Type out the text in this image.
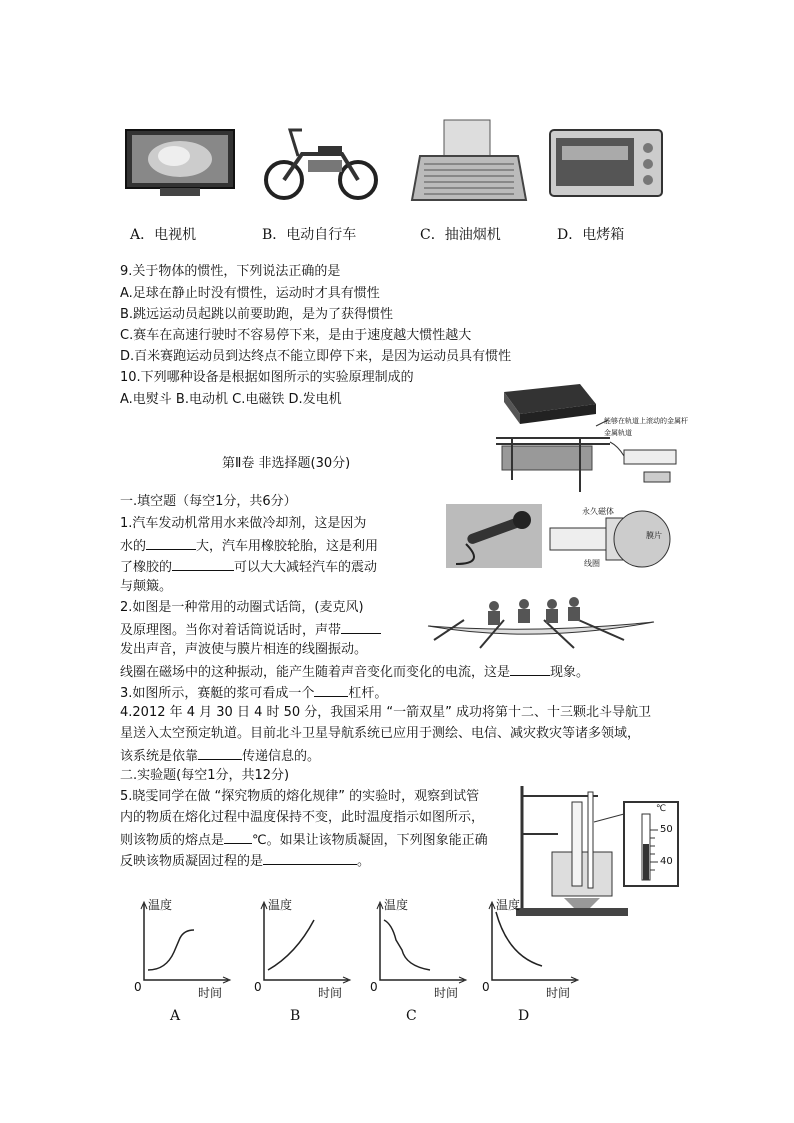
A．电视机	B．电动自行车	C．抽油烟机	D．电烤箱
9.关于物体的惯性，下列说法正确的是
A.足球在静止时没有惯性，运动时才具有惯性
B.跳远运动员起跳以前要助跑，是为了获得惯性
C.赛车在高速行驶时不容易停下来，是由于速度越大惯性越大
D.百米赛跑运动员到达终点不能立即停下来，是因为运动员具有惯性
10.下列哪种设备是根据如图所示的实验原理制成的
A.电熨斗 B.电动机 C.电磁铁 D.发电机
能够在轨道上滚动的金属杆
金属轨道
第Ⅱ卷 非选择题(30分)
一.填空题（每空1分，共6分）
1.汽车发动机常用水来做冷却剂，这是因为
水的	大，汽车用橡胶轮胎，这是利用
了橡胶的	可以大大减轻汽车的震动
与颠簸。
永久磁体
膜片
线圈
2.如图是一种常用的动圈式话筒，(麦克风)
及原理图。当你对着话筒说话时，声带
发出声音，声波使与膜片相连的线圈振动。
线圈在磁场中的这种振动，能产生随着声音变化而变化的电流，这是	现象。
3.如图所示，赛艇的浆可看成一个	杠杆。
4.2012 年 4 月 30 日 4 时 50 分，我国采用 “一箭双星” 成功将第十二、十三颗北斗导航卫
星送入太空预定轨道。目前北斗卫星导航系统已应用于测绘、电信、减灾救灾等诸多领域，
该系统是依靠	传递信息的。
二.实验题(每空1分，共12分)
5.晓雯同学在做 “探究物质的熔化规律” 的实验时，观察到试管
内的物质在熔化过程中温度保持不变，此时温度指示如图所示，
则该物质的熔点是 ℃。如果让该物质凝固，下列图象能正确
反映该物质凝固过程的是	。
℃
50
40
温度
0	时间
A
温度
0	时间
B
温度
0	时间
C
温度
0	时间
D
